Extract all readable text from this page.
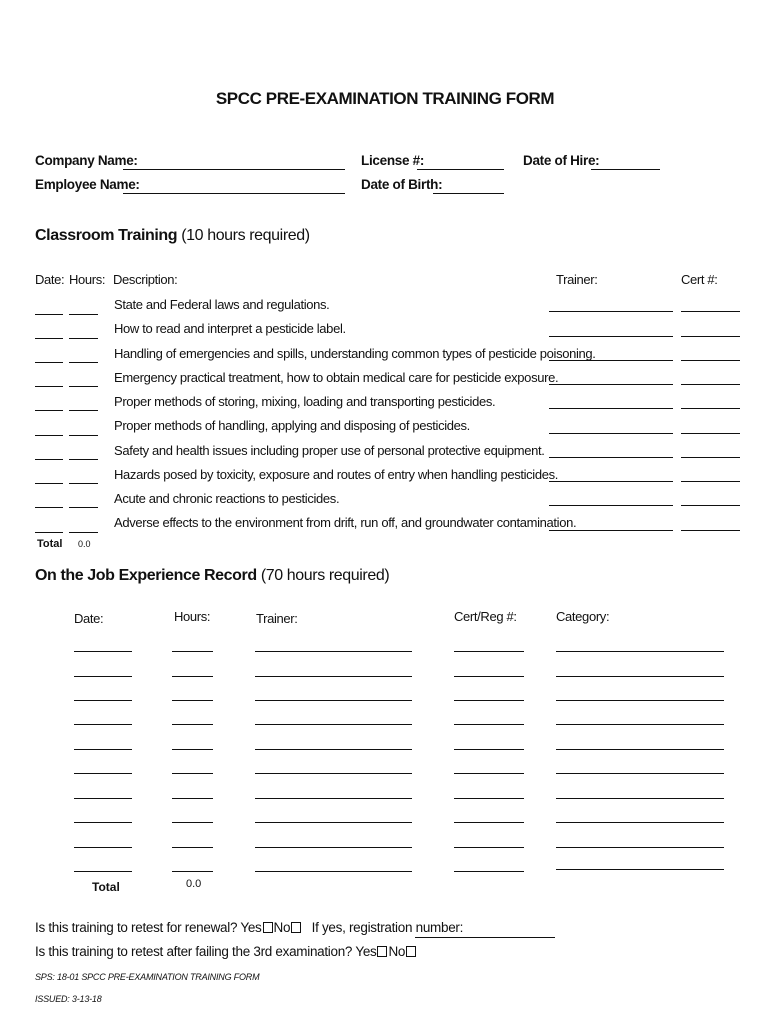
SPCC PRE-EXAMINATION TRAINING FORM
Company Name:
Employee Name:
License #:
Date of Birth:
Date of Hire:
Classroom Training (10 hours required)
Date: Hours: Description:	Trainer:	Cert #:
State and Federal laws and regulations.
How to read and interpret a pesticide label.
Handling of emergencies and spills, understanding common types of pesticide poisoning.
Emergency practical treatment, how to obtain medical care for pesticide exposure.
Proper methods of storing, mixing, loading and transporting pesticides.
Proper methods of handling, applying and disposing of pesticides.
Safety and health issues including proper use of personal protective equipment.
Hazards posed by toxicity, exposure and routes of entry when handling pesticides.
Acute and chronic reactions to pesticides.
Adverse effects to the environment from drift, run off, and groundwater contamination.
Total 0.0
On the Job Experience Record (70 hours required)
Date:	Hours:	Trainer:	Cert/Reg #:	Category:
Total	0.0
Is this training to retest for renewal? Yes No If yes, registration number:
Is this training to retest after failing the 3rd examination? Yes No
SPS: 18-01 SPCC PRE-EXAMINATION TRAINING FORM
ISSUED: 3-13-18
